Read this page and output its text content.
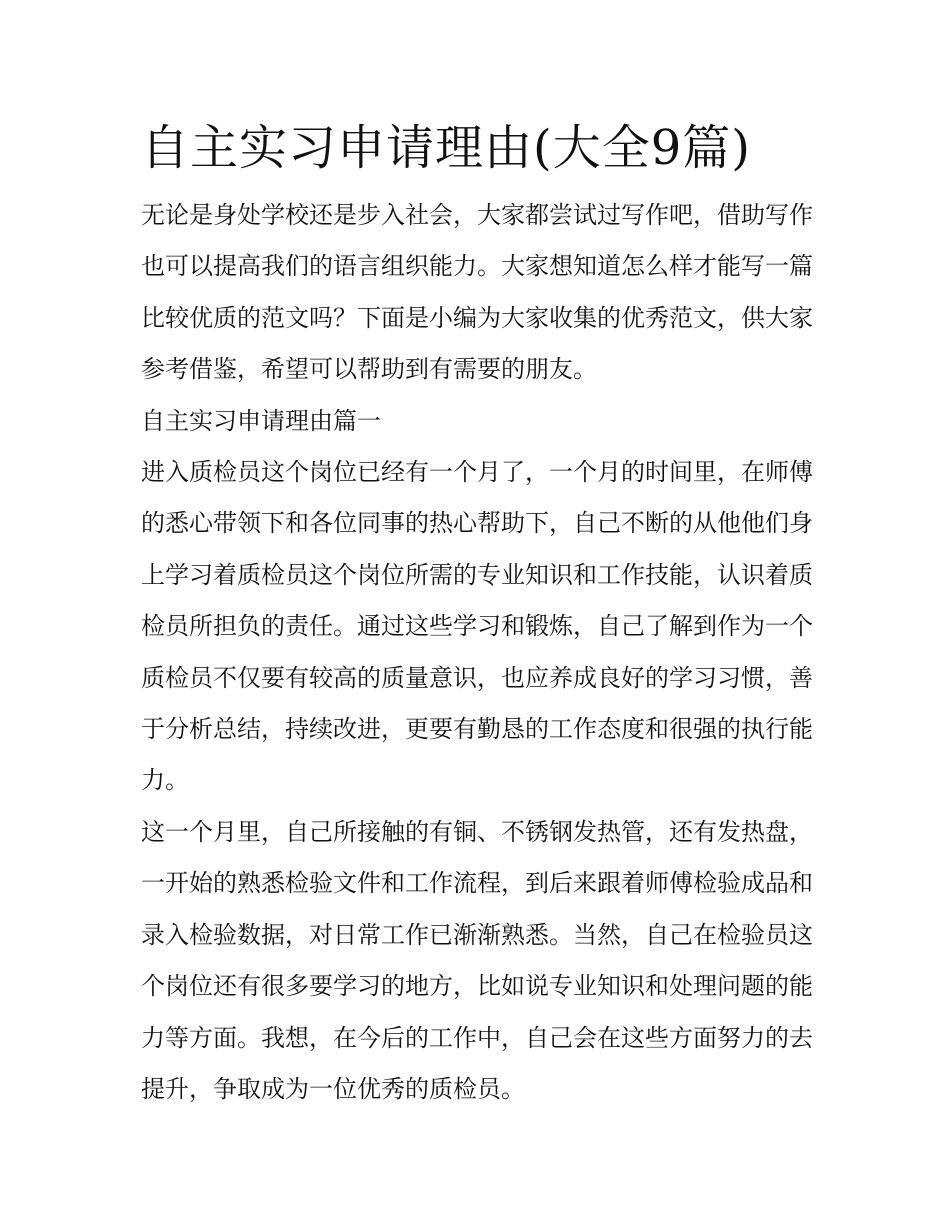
自主实习申请理由(大全9篇)

无论是身处学校还是步入社会，大家都尝试过写作吧，借助写作也可以提高我们的语言组织能力。大家想知道怎么样才能写一篇比较优质的范文吗？下面是小编为大家收集的优秀范文，供大家参考借鉴，希望可以帮助到有需要的朋友。

自主实习申请理由篇一

进入质检员这个岗位已经有一个月了，一个月的时间里，在师傅的悉心带领下和各位同事的热心帮助下，自己不断的从他他们身上学习着质检员这个岗位所需的专业知识和工作技能，认识着质检员所担负的责任。通过这些学习和锻炼，自己了解到作为一个质检员不仅要有较高的质量意识，也应养成良好的学习习惯，善于分析总结，持续改进，更要有勤恳的工作态度和很强的执行能力。

这一个月里，自己所接触的有铜、不锈钢发热管，还有发热盘，一开始的熟悉检验文件和工作流程，到后来跟着师傅检验成品和录入检验数据，对日常工作已渐渐熟悉。当然，自己在检验员这个岗位还有很多要学习的地方，比如说专业知识和处理问题的能力等方面。我想，在今后的工作中，自己会在这些方面努力的去提升，争取成为一位优秀的质检员。
